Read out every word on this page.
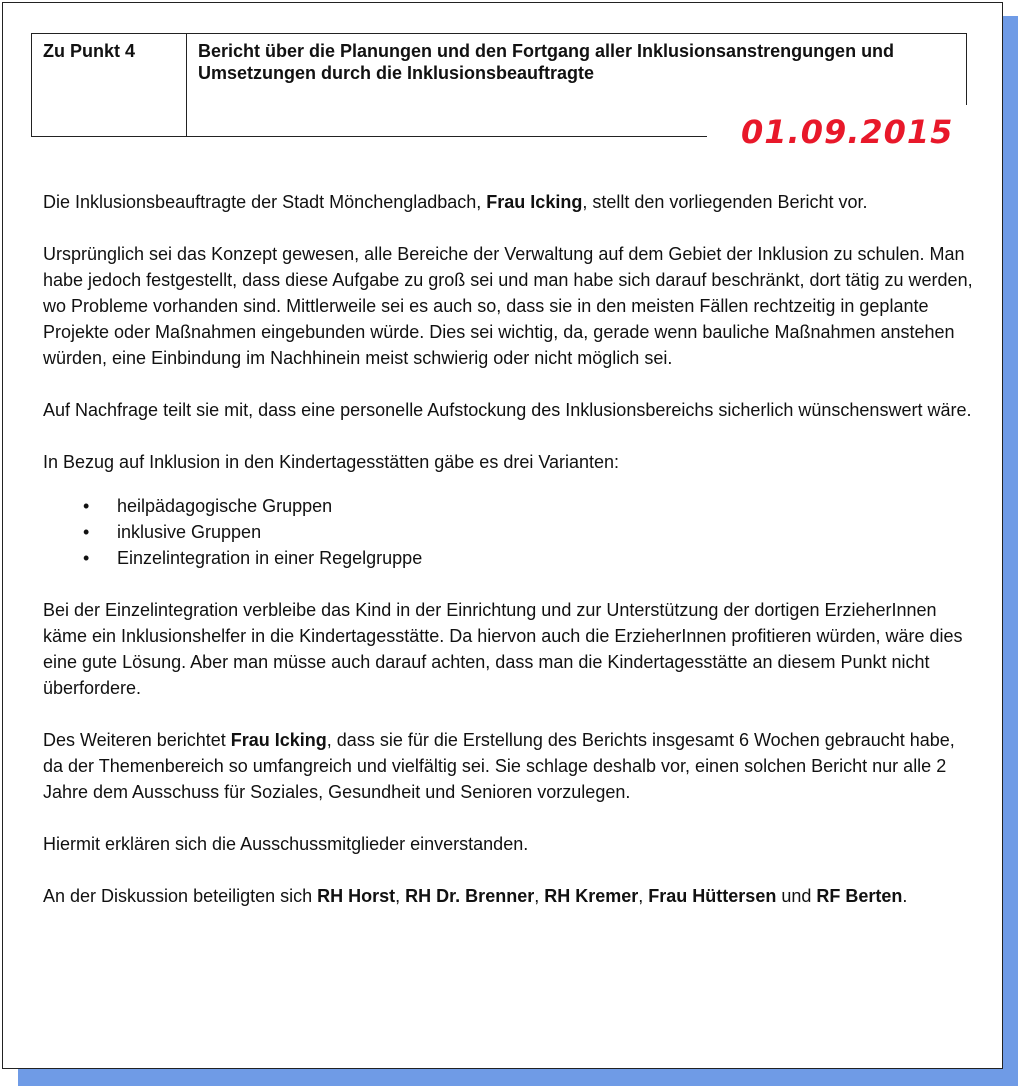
Zu Punkt 4	Bericht über die Planungen und den Fortgang aller Inklusionsanstrengungen und Umsetzungen durch die Inklusionsbeauftragte
01.09.2015

Die Inklusionsbeauftragte der Stadt Mönchengladbach, Frau Icking, stellt den vorliegenden Bericht vor.

Ursprünglich sei das Konzept gewesen, alle Bereiche der Verwaltung auf dem Gebiet der Inklusion zu schulen. Man habe jedoch festgestellt, dass diese Aufgabe zu groß sei und man habe sich darauf beschränkt, dort tätig zu werden, wo Probleme vorhanden sind. Mittlerweile sei es auch so, dass sie in den meisten Fällen rechtzeitig in geplante Projekte oder Maßnahmen eingebunden würde. Dies sei wichtig, da, gerade wenn bauliche Maßnahmen anstehen würden, eine Einbindung im Nachhinein meist schwierig oder nicht möglich sei.

Auf Nachfrage teilt sie mit, dass eine personelle Aufstockung des Inklusionsbereichs sicherlich wünschenswert wäre.

In Bezug auf Inklusion in den Kindertagesstätten gäbe es drei Varianten:

• heilpädagogische Gruppen
• inklusive Gruppen
• Einzelintegration in einer Regelgruppe

Bei der Einzelintegration verbleibe das Kind in der Einrichtung und zur Unterstützung der dortigen ErzieherInnen käme ein Inklusionshelfer in die Kindertagesstätte. Da hiervon auch die ErzieherInnen profitieren würden, wäre dies eine gute Lösung. Aber man müsse auch darauf achten, dass man die Kindertagesstätte an diesem Punkt nicht überfordere.

Des Weiteren berichtet Frau Icking, dass sie für die Erstellung des Berichts insgesamt 6 Wochen gebraucht habe, da der Themenbereich so umfangreich und vielfältig sei. Sie schlage deshalb vor, einen solchen Bericht nur alle 2 Jahre dem Ausschuss für Soziales, Gesundheit und Senioren vorzulegen.

Hiermit erklären sich die Ausschussmitglieder einverstanden.

An der Diskussion beteiligten sich RH Horst, RH Dr. Brenner, RH Kremer, Frau Hüttersen und RF Berten.
